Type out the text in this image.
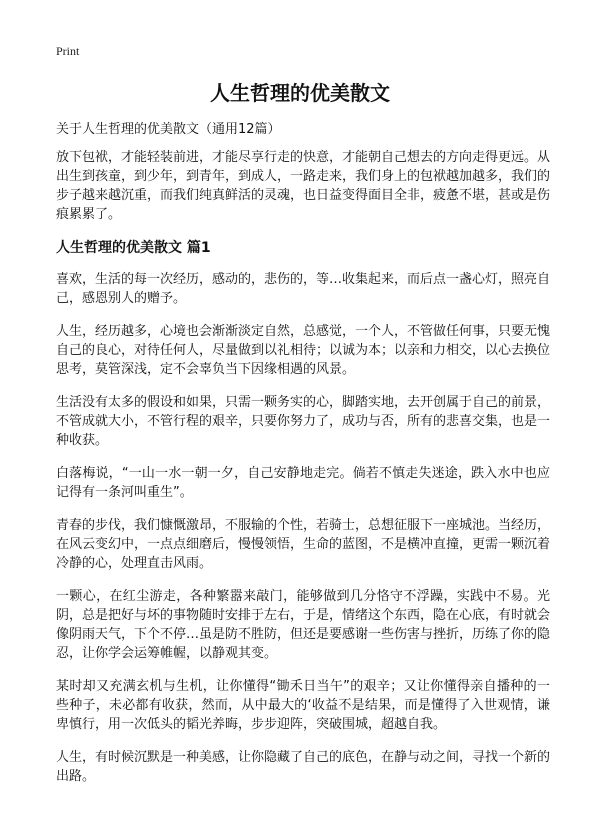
Print
人生哲理的优美散文

关于人生哲理的优美散文（通用12篇）

放下包袱，才能轻装前进，才能尽享行走的快意，才能朝自己想去的方向走得更远。从出生到孩童，到少年，到青年，到成人，一路走来，我们身上的包袱越加越多，我们的步子越来越沉重，而我们纯真鲜活的灵魂，也日益变得面目全非，疲惫不堪，甚或是伤痕累累了。

人生哲理的优美散文 篇1

喜欢，生活的每一次经历，感动的，悲伤的，等…收集起来，而后点一盏心灯，照亮自己，感恩别人的赠予。

人生，经历越多，心境也会渐渐淡定自然，总感觉，一个人，不管做任何事，只要无愧自己的良心，对待任何人，尽量做到以礼相待；以诚为本；以亲和力相交，以心去换位思考，莫管深浅，定不会辜负当下因缘相遇的风景。

生活没有太多的假设和如果，只需一颗务实的心，脚踏实地，去开创属于自己的前景，不管成就大小，不管行程的艰辛，只要你努力了，成功与否，所有的悲喜交集，也是一种收获。

白落梅说，“一山一水一朝一夕，自己安静地走完。倘若不慎走失迷途，跌入水中也应记得有一条河叫重生”。

青春的步伐，我们慷慨激昂，不服输的个性，若骑士，总想征服下一座城池。当经历，在风云变幻中，一点点细磨后，慢慢领悟，生命的蓝图，不是横冲直撞，更需一颗沉着冷静的心，处理直击风雨。

一颗心，在红尘游走，各种繁嚣来敲门，能够做到几分恪守不浮躁，实践中不易。光阴，总是把好与坏的事物随时安排于左右，于是，情绪这个东西，隐在心底，有时就会像阴雨天气，下个不停…虽是防不胜防，但还是要感谢一些伤害与挫折，历练了你的隐忍，让你学会运筹帷幄，以静观其变。

某时却又充满玄机与生机，让你懂得“锄禾日当午”的艰辛；又让你懂得亲自播种的一些种子，未必都有收获，然而，从中最大的‘收益不是结果，而是懂得了入世观情，谦卑慎行，用一次低头的韬光养晦，步步迎阵，突破围城，超越自我。

人生，有时候沉默是一种美感，让你隐藏了自己的底色，在静与动之间，寻找一个新的出路。
